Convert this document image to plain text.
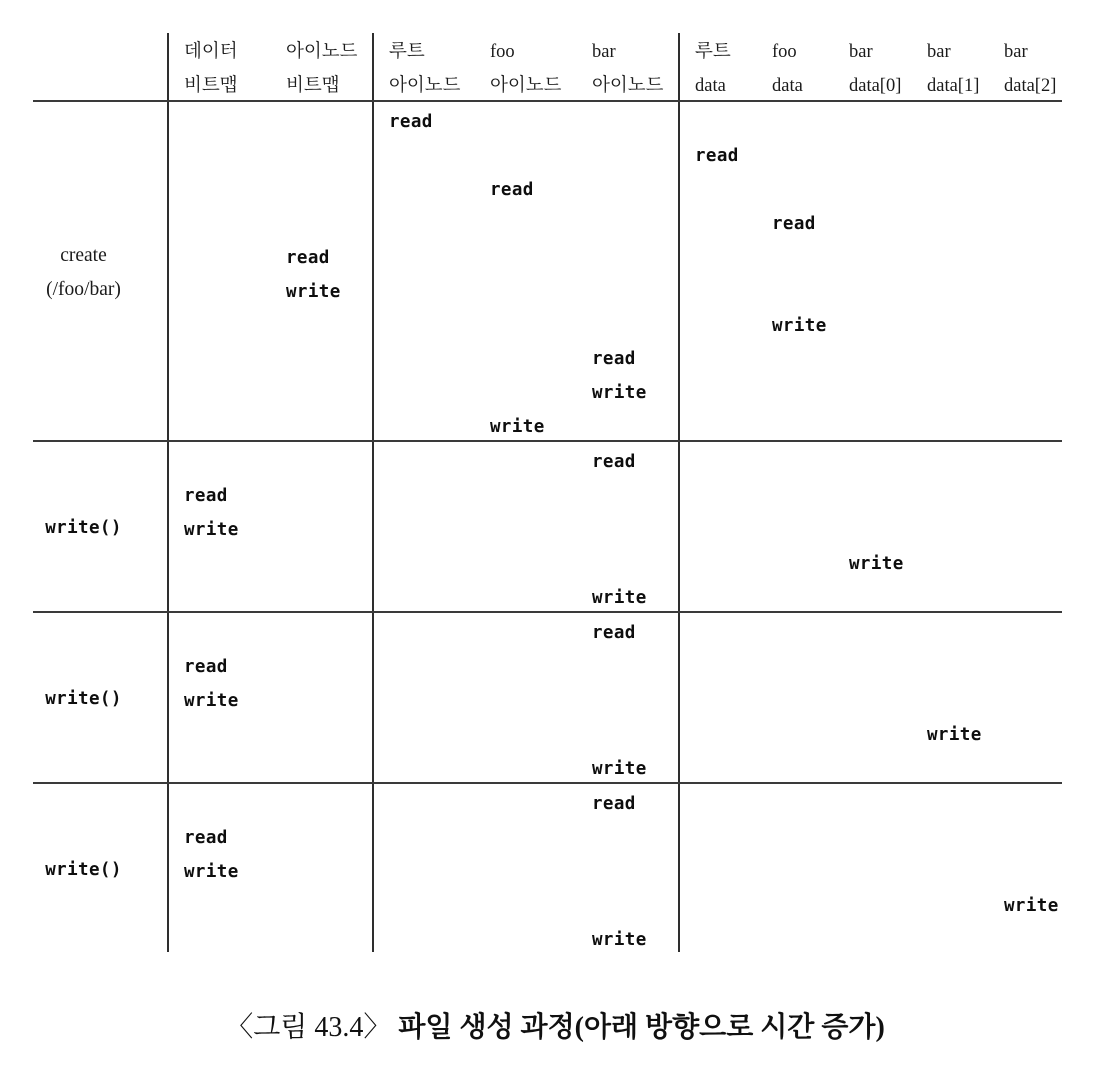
데이터
비트맵
아이노드
비트맵
루트
아이노드
foo
아이노드
bar
아이노드
루트
data
foo
data
bar
data[0]
bar
data[1]
bar
data[2]
create
(/foo/bar)
read
read
read
read
read
write
write
read
write
write
write()
read
read
write
write
write
write()
read
read
write
write
write
write()
read
read
write
write
write
〈그림 43.4〉 파일 생성 과정(아래 방향으로 시간 증가)
